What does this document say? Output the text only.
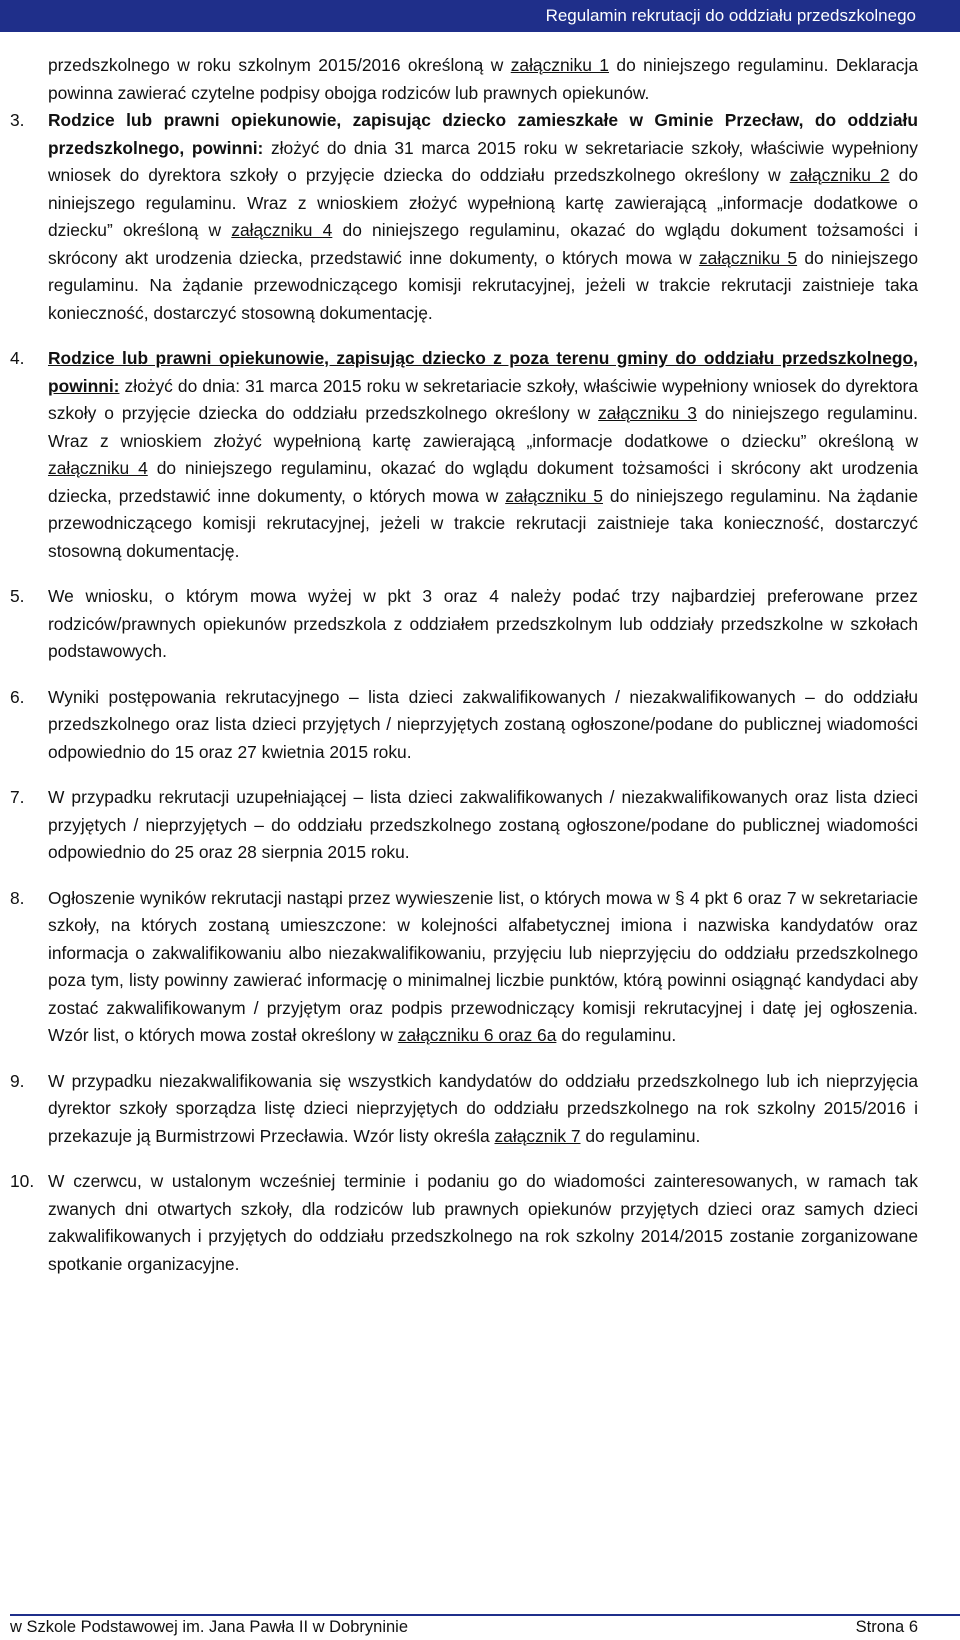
Regulamin rekrutacji do oddziału przedszkolnego

przedszkolnego w roku szkolnym 2015/2016 określoną w załączniku 1 do niniejszego regulaminu. Deklaracja powinna zawierać czytelne podpisy obojga rodziców lub prawnych opiekunów.

3. Rodzice lub prawni opiekunowie, zapisując dziecko zamieszkałe w Gminie Przecław, do oddziału przedszkolnego, powinni: złożyć do dnia 31 marca 2015 roku w sekretariacie szkoły, właściwie wypełniony wniosek do dyrektora szkoły o przyjęcie dziecka do oddziału przedszkolnego określony w załączniku 2 do niniejszego regulaminu. Wraz z wnioskiem złożyć wypełnioną kartę zawierającą „informacje dodatkowe o dziecku” określoną w załączniku 4 do niniejszego regulaminu, okazać do wglądu dokument tożsamości i skrócony akt urodzenia dziecka, przedstawić inne dokumenty, o których mowa w załączniku 5 do niniejszego regulaminu. Na żądanie przewodniczącego komisji rekrutacyjnej, jeżeli w trakcie rekrutacji zaistnieje taka konieczność, dostarczyć stosowną dokumentację.

4. Rodzice lub prawni opiekunowie, zapisując dziecko z poza terenu gminy do oddziału przedszkolnego, powinni: złożyć do dnia: 31 marca 2015 roku w sekretariacie szkoły, właściwie wypełniony wniosek do dyrektora szkoły o przyjęcie dziecka do oddziału przedszkolnego określony w załączniku 3 do niniejszego regulaminu. Wraz z wnioskiem złożyć wypełnioną kartę zawierającą „informacje dodatkowe o dziecku” określoną w załączniku 4 do niniejszego regulaminu, okazać do wglądu dokument tożsamości i skrócony akt urodzenia dziecka, przedstawić inne dokumenty, o których mowa w załączniku 5 do niniejszego regulaminu. Na żądanie przewodniczącego komisji rekrutacyjnej, jeżeli w trakcie rekrutacji zaistnieje taka konieczność, dostarczyć stosowną dokumentację.

5. We wniosku, o którym mowa wyżej w pkt 3 oraz 4 należy podać trzy najbardziej preferowane przez rodziców/prawnych opiekunów przedszkola z oddziałem przedszkolnym lub oddziały przedszkolne w szkołach podstawowych.

6. Wyniki postępowania rekrutacyjnego – lista dzieci zakwalifikowanych / niezakwalifikowanych – do oddziału przedszkolnego oraz lista dzieci przyjętych / nieprzyjętych zostaną ogłoszone/podane do publicznej wiadomości odpowiednio do 15 oraz 27 kwietnia 2015 roku.

7. W przypadku rekrutacji uzupełniającej – lista dzieci zakwalifikowanych / niezakwalifikowanych oraz lista dzieci przyjętych / nieprzyjętych – do oddziału przedszkolnego zostaną ogłoszone/podane do publicznej wiadomości odpowiednio do 25 oraz 28 sierpnia 2015 roku.

8. Ogłoszenie wyników rekrutacji nastąpi przez wywieszenie list, o których mowa w § 4 pkt 6 oraz 7 w sekretariacie szkoły, na których zostaną umieszczone: w kolejności alfabetycznej imiona i nazwiska kandydatów oraz informacja o zakwalifikowaniu albo niezakwalifikowaniu, przyjęciu lub nieprzyjęciu do oddziału przedszkolnego poza tym, listy powinny zawierać informację o minimalnej liczbie punktów, którą powinni osiągnąć kandydaci aby zostać zakwalifikowanym / przyjętym oraz podpis przewodniczący komisji rekrutacyjnej i datę jej ogłoszenia. Wzór list, o których mowa został określony w załączniku 6 oraz 6a do regulaminu.

9. W przypadku niezakwalifikowania się wszystkich kandydatów do oddziału przedszkolnego lub ich nieprzyjęcia dyrektor szkoły sporządza listę dzieci nieprzyjętych do oddziału przedszkolnego na rok szkolny 2015/2016 i przekazuje ją Burmistrzowi Przecławia. Wzór listy określa załącznik 7 do regulaminu.

10. W czerwcu, w ustalonym wcześniej terminie i podaniu go do wiadomości zainteresowanych, w ramach tak zwanych dni otwartych szkoły, dla rodziców lub prawnych opiekunów przyjętych dzieci oraz samych dzieci zakwalifikowanych i przyjętych do oddziału przedszkolnego na rok szkolny 2014/2015 zostanie zorganizowane spotkanie organizacyjne.

w Szkole Podstawowej im. Jana Pawła II w Dobryninie	Strona 6
